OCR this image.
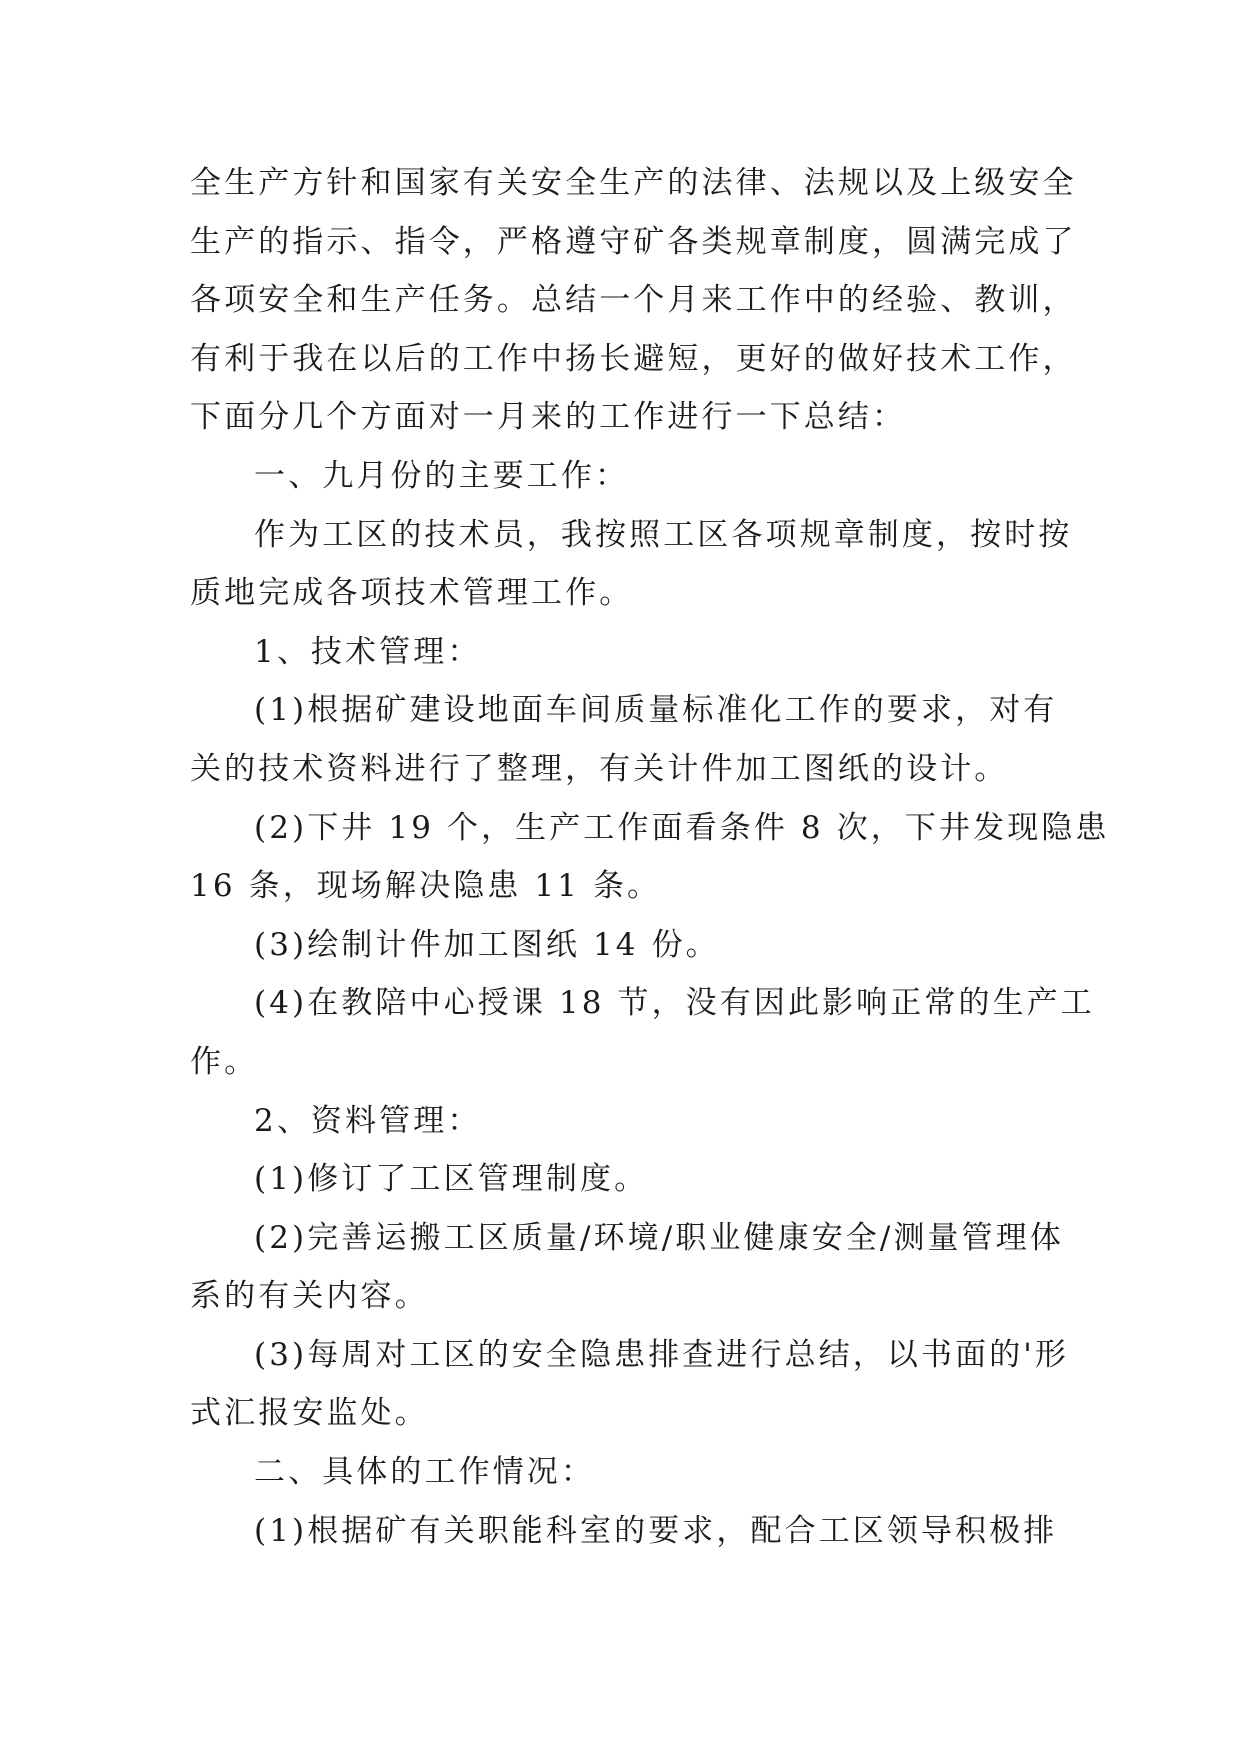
全生产方针和国家有关安全生产的法律、法规以及上级安全
生产的指示、指令，严格遵守矿各类规章制度，圆满完成了
各项安全和生产任务。总结一个月来工作中的经验、教训，
有利于我在以后的工作中扬长避短，更好的做好技术工作，
下面分几个方面对一月来的工作进行一下总结：
一、九月份的主要工作：
作为工区的技术员，我按照工区各项规章制度，按时按
质地完成各项技术管理工作。
1、技术管理：
(1)根据矿建设地面车间质量标准化工作的要求，对有
关的技术资料进行了整理，有关计件加工图纸的设计。
(2)下井 19 个，生产工作面看条件 8 次，下井发现隐患
16 条，现场解决隐患 11 条。
(3)绘制计件加工图纸 14 份。
(4)在教陪中心授课 18 节，没有因此影响正常的生产工
作。
2、资料管理：
(1)修订了工区管理制度。
(2)完善运搬工区质量/环境/职业健康安全/测量管理体
系的有关内容。
(3)每周对工区的安全隐患排查进行总结，以书面的'形
式汇报安监处。
二、具体的工作情况：
(1)根据矿有关职能科室的要求，配合工区领导积极排
